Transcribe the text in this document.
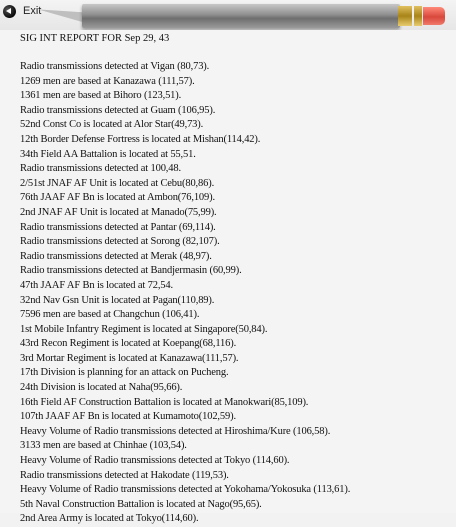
Exit
SIG INT REPORT FOR Sep 29, 43
Radio transmissions detected at Vigan (80,73).
1269 men are based at Kanazawa (111,57).
1361 men are based at Bihoro (123,51).
Radio transmissions detected at Guam (106,95).
52nd Const Co is located at Alor Star(49,73).
12th Border Defense Fortress is located at Mishan(114,42).
34th Field AA Battalion is located at 55,51.
Radio transmissions detected at 100,48.
2/51st JNAF AF Unit is located at Cebu(80,86).
76th JAAF AF Bn is located at Ambon(76,109).
2nd JNAF AF Unit is located at Manado(75,99).
Radio transmissions detected at Pantar (69,114).
Radio transmissions detected at Sorong (82,107).
Radio transmissions detected at Merak (48,97).
Radio transmissions detected at Bandjermasin (60,99).
47th JAAF AF Bn is located at 72,54.
32nd Nav Gsn Unit is located at Pagan(110,89).
7596 men are based at Changchun (106,41).
1st Mobile Infantry Regiment is located at Singapore(50,84).
43rd Recon Regiment is located at Koepang(68,116).
3rd Mortar Regiment is located at Kanazawa(111,57).
17th Division is planning for an attack on Pucheng.
24th Division is located at Naha(95,66).
16th Field AF Construction Battalion is located at Manokwari(85,109).
107th JAAF AF Bn is located at Kumamoto(102,59).
Heavy Volume of Radio transmissions detected at Hiroshima/Kure (106,58).
3133 men are based at Chinhae (103,54).
Heavy Volume of Radio transmissions detected at Tokyo (114,60).
Radio transmissions detected at Hakodate (119,53).
Heavy Volume of Radio transmissions detected at Yokohama/Yokosuka (113,61).
5th Naval Construction Battalion is located at Nago(95,65).
2nd Area Army is located at Tokyo(114,60).
